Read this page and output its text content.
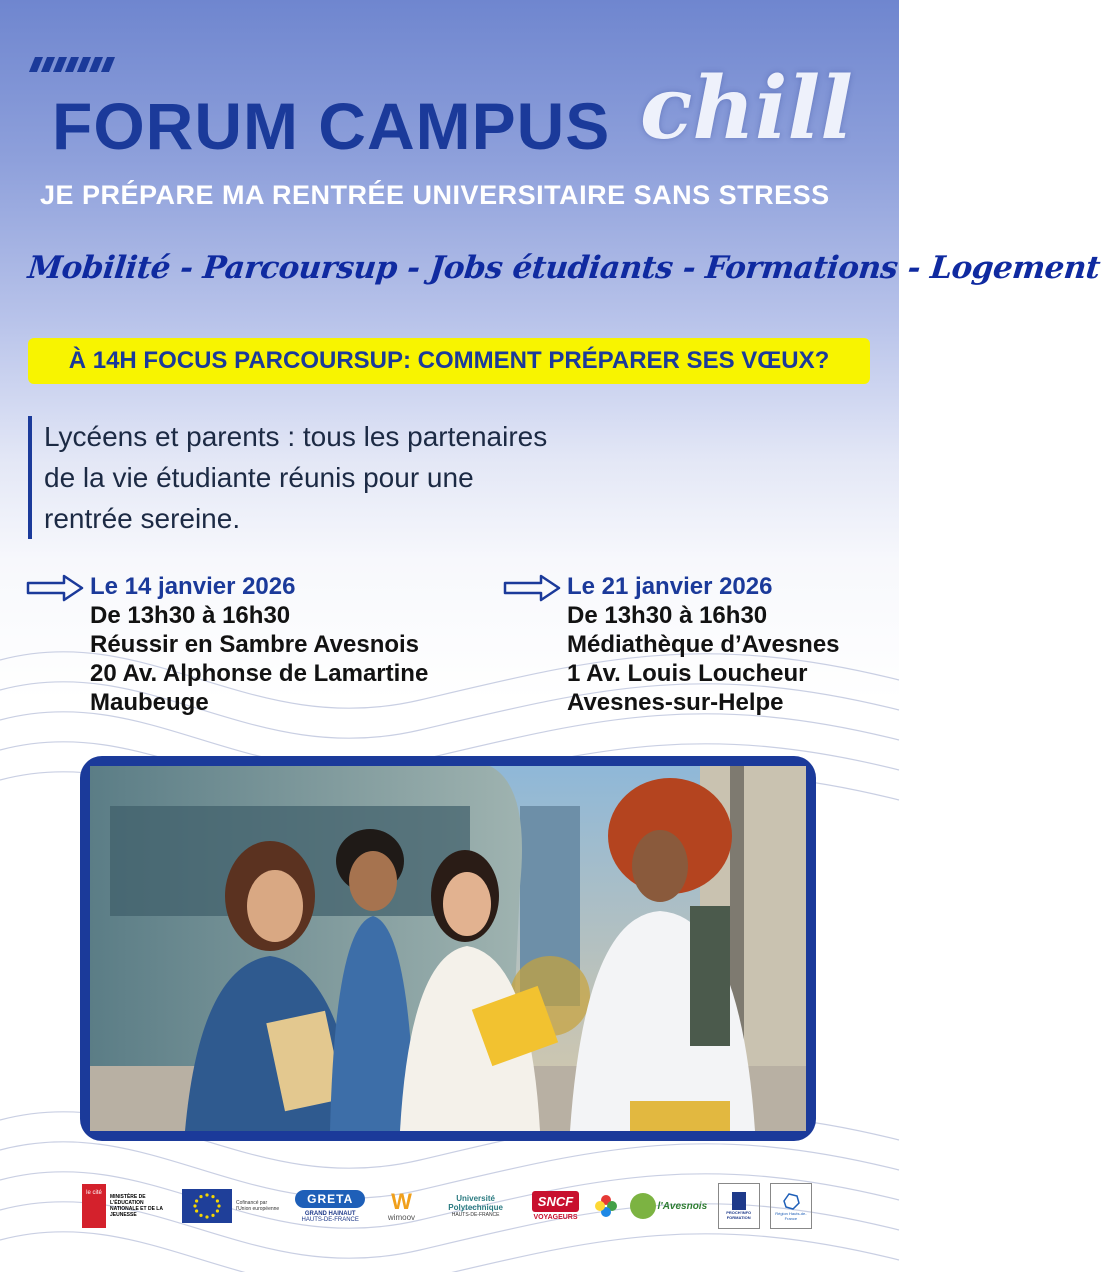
FORUM CAMPUS chill
JE PRÉPARE MA RENTRÉE UNIVERSITAIRE SANS STRESS
Mobilité - Parcoursup - Jobs étudiants - Formations - Logement
À 14H FOCUS PARCOURSUP: COMMENT PRÉPARER SES VŒUX?

Lycéens et parents : tous les partenaires

de la vie étudiante réunis pour une

rentrée sereine.

Le 14 janvier 2026
De 13h30 à 16h30
Réussir en Sambre Avesnois
20 Av. Alphonse de Lamartine
Maubeuge
Le 21 janvier 2026
De 13h30 à 16h30
Médiathèque d’Avesnes
1 Av. Louis Loucheur
Avesnes-sur-Helpe
le cité
MINISTÈRE DE L'ÉDUCATION NATIONALE ET DE LA JEUNESSE
Cofinancé par l'Union européenne
GRETA
GRAND HAINAUT
HAUTS-DE-FRANCE
W
wimoov
Université Polytechnique
HAUTS-DE-FRANCE
SNCF
VOYAGEURS
l'Avesnois
PROCH'INFO FORMATION
Région Hauts-de-France
